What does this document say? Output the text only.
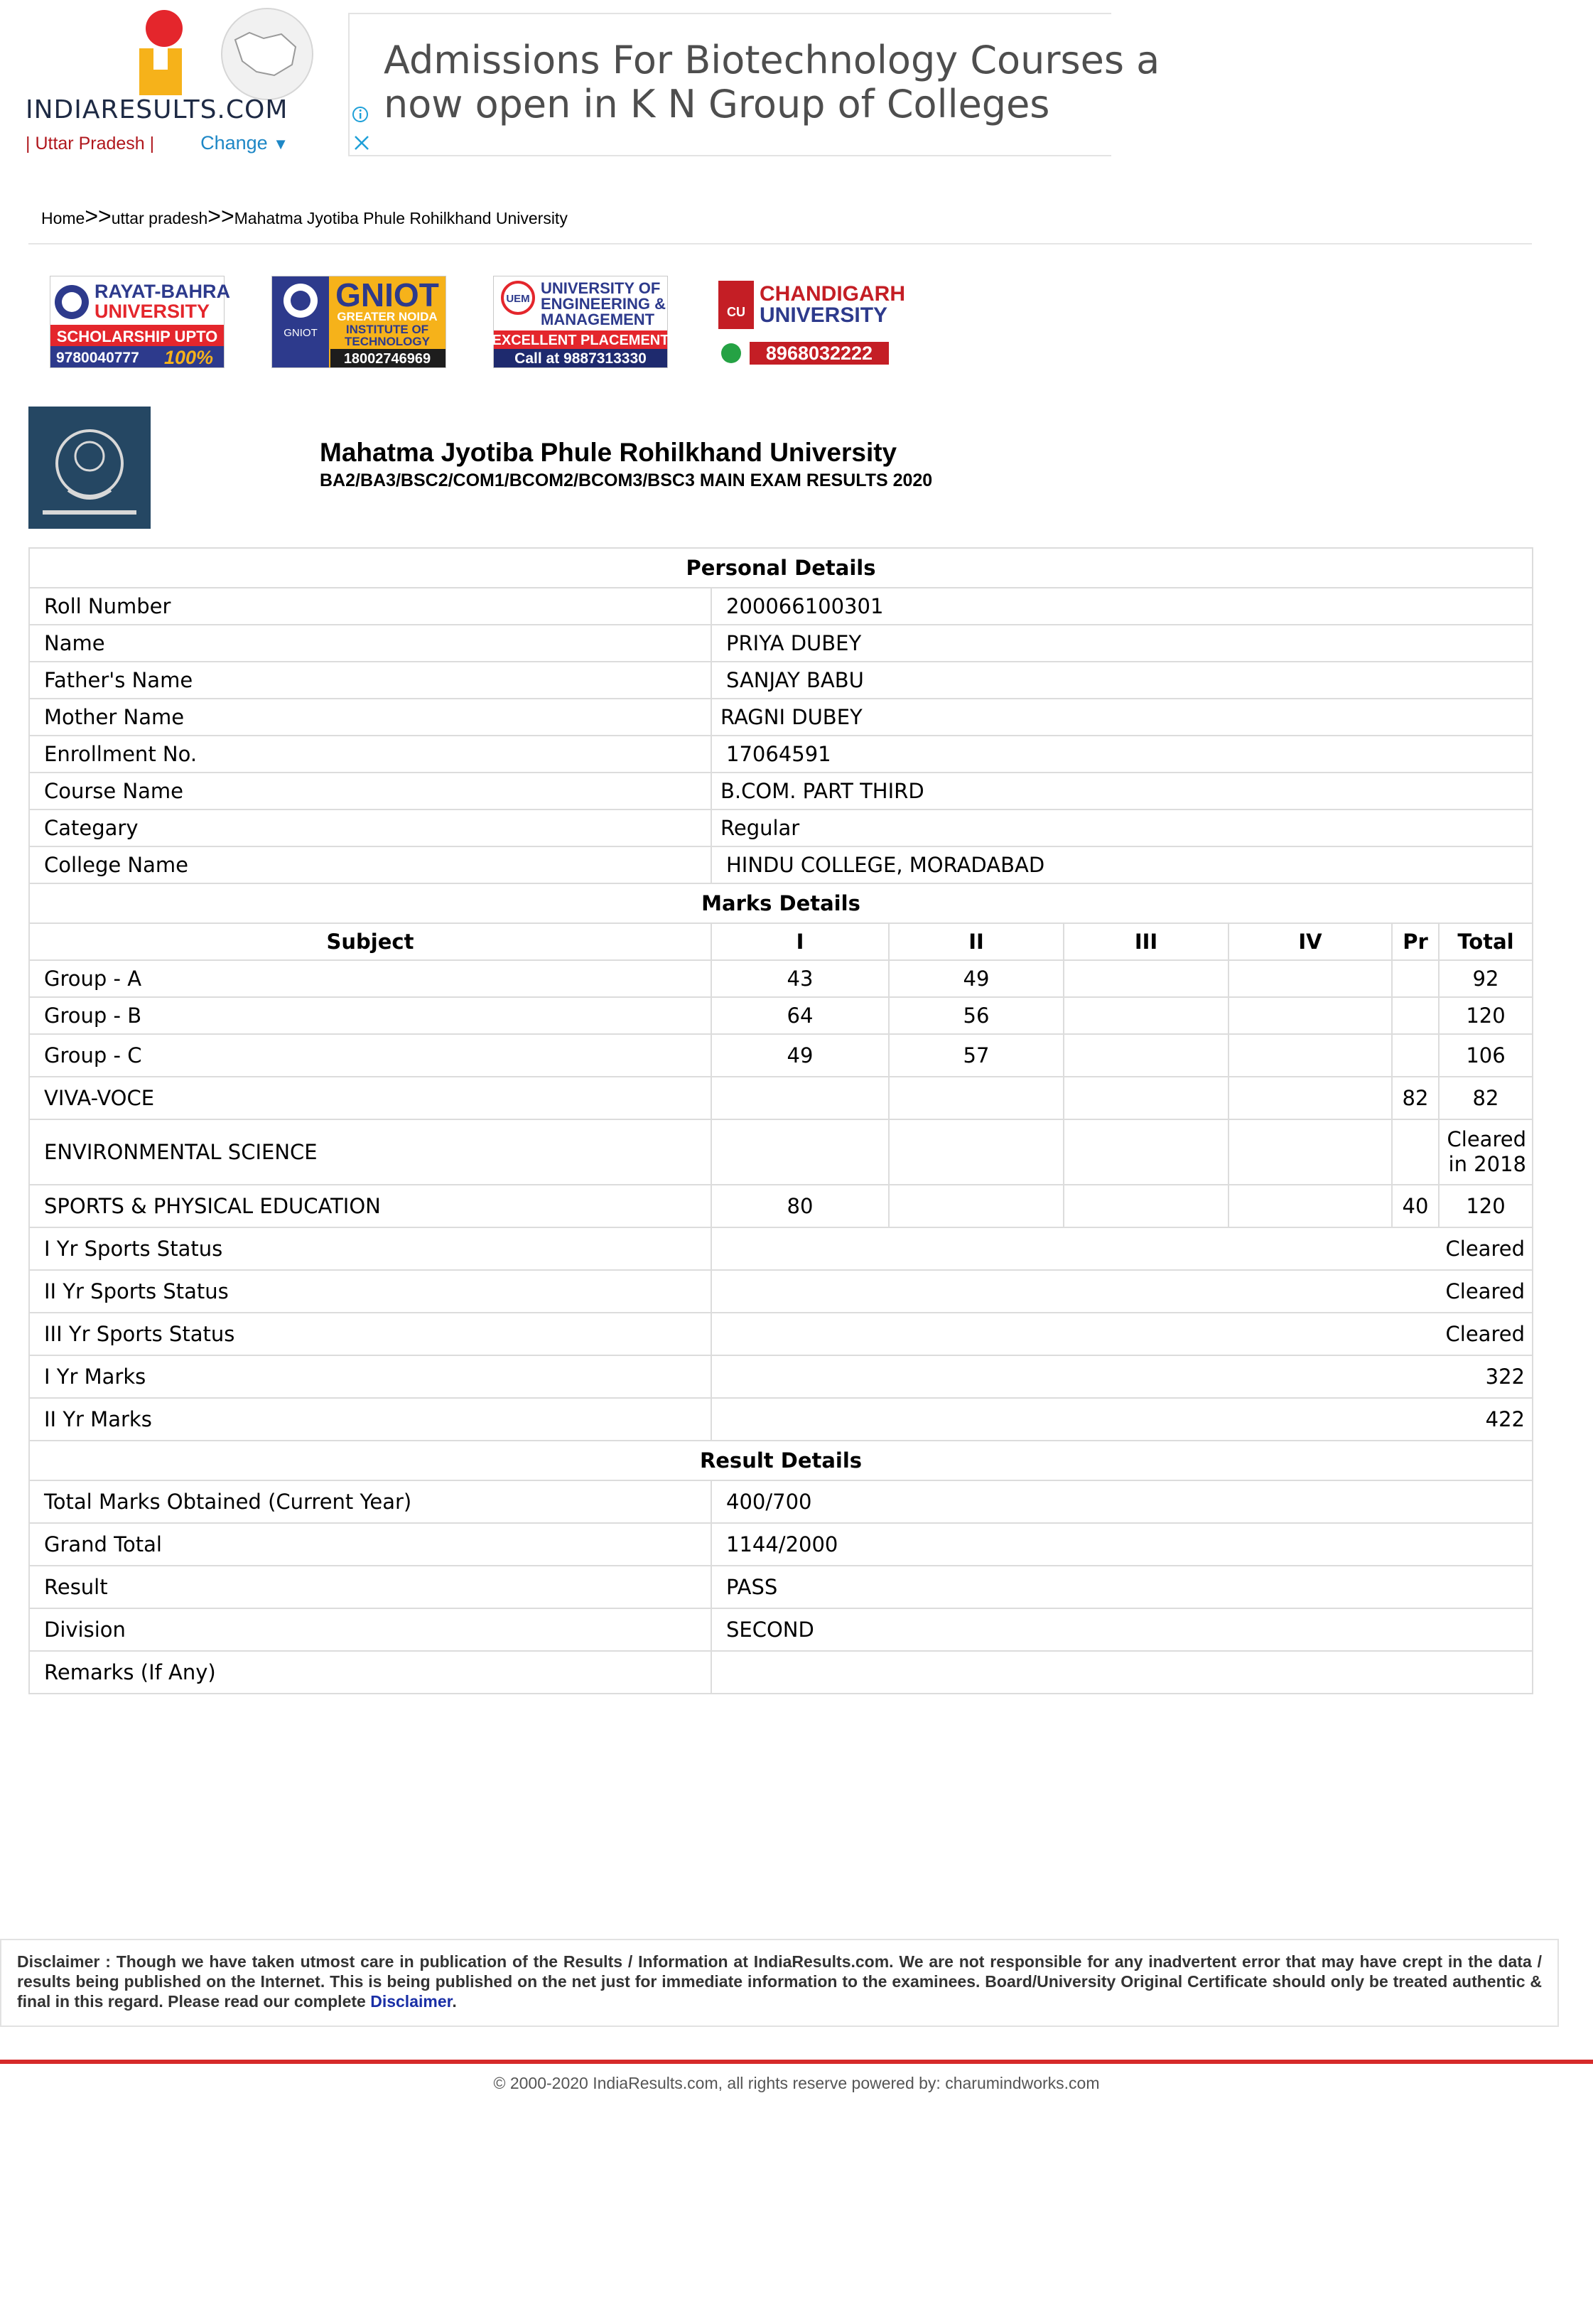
INDIARESULTS.COM
| Uttar Pradesh | Change ▼
Admissions For Biotechnology Courses a
now open in K N Group of Colleges
Home>>uttar pradesh>>Mahatma Jyotiba Phule Rohilkhand University
RAYAT-BAHRA
UNIVERSITY
SCHOLARSHIP UPTO
9780040777 100%
GNIOT
GNIOT
GREATER NOIDA
INSTITUTE OF
TECHNOLOGY
18002746969
UEM
UNIVERSITY OF
ENGINEERING &
MANAGEMENT
EXCELLENT PLACEMENT
Call at 9887313330
CU
CHANDIGARH
UNIVERSITY
8968032222
Mahatma Jyotiba Phule Rohilkhand University
BA2/BA3/BSC2/COM1/BCOM2/BCOM3/BSC3 MAIN EXAM RESULTS 2020
Personal Details						
Roll Number	200066100301					
Name	PRIYA DUBEY					
Father's Name	SANJAY BABU					
Mother Name	RAGNI DUBEY					
Enrollment No.	17064591					
Course Name	B.COM. PART THIRD					
Categary	Regular					
College Name	HINDU COLLEGE, MORADABAD					
Marks Details						
Subject	I	II	III	IV	Pr	Total
Group - A	43	49				92
Group - B	64	56				120
Group - C	49	57				106
VIVA-VOCE					82	82
ENVIRONMENTAL SCIENCE						Cleared in 2018
SPORTS & PHYSICAL EDUCATION	80				40	120
I Yr Sports Status	Cleared					
II Yr Sports Status	Cleared					
III Yr Sports Status	Cleared					
I Yr Marks	322					
II Yr Marks	422					
Result Details						
Total Marks Obtained (Current Year)	400/700					
Grand Total	1144/2000					
Result	PASS					
Division	SECOND					
Remarks (If Any)						
Disclaimer : Though we have taken utmost care in publication of the Results / Information at IndiaResults.com. We are not responsible for any inadvertent error that may have crept in the data / results being published on the Internet. This is being published on the net just for immediate information to the examinees. Board/University Original Certificate should only be treated authentic & final in this regard. Please read our complete Disclaimer.
© 2000-2020 IndiaResults.com, all rights reserve powered by: charumindworks.com
